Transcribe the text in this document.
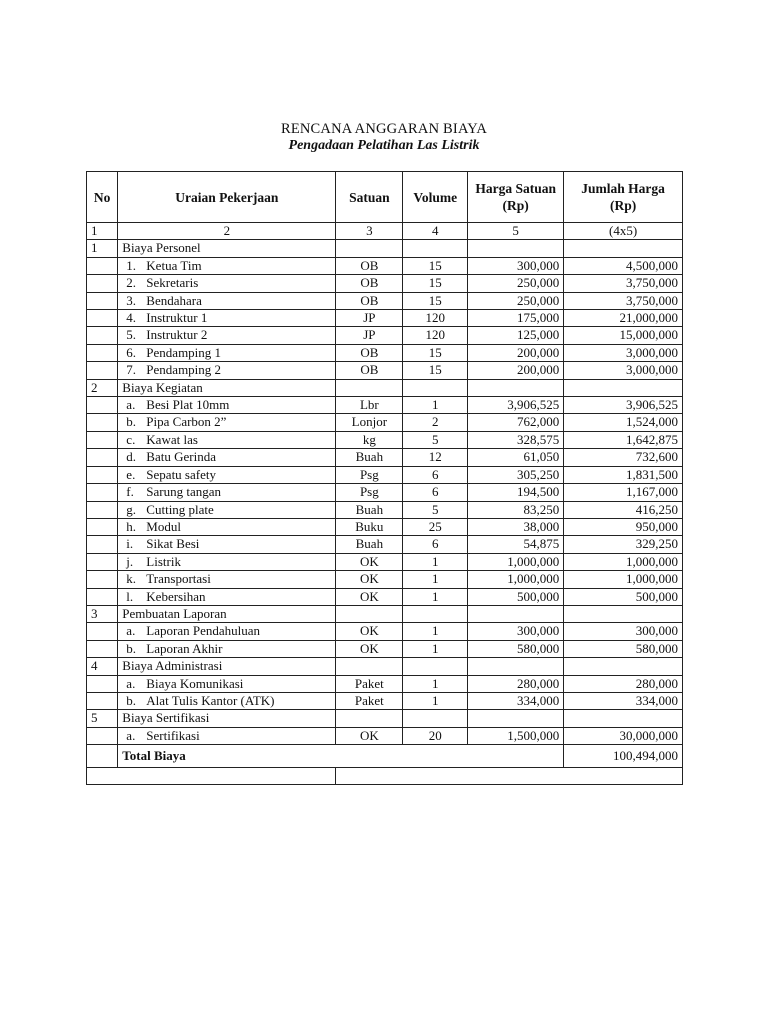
RENCANA ANGGARAN BIAYA
Pengadaan Pelatihan Las Listrik
No	Uraian Pekerjaan	Satuan	Volume	Harga Satuan (Rp)	Jumlah Harga (Rp)
1	2	3	4	5	(4x5)
1	Biaya Personel				
	1. Ketua Tim	OB	15	300,000	4,500,000
	2. Sekretaris	OB	15	250,000	3,750,000
	3. Bendahara	OB	15	250,000	3,750,000
	4. Instruktur 1	JP	120	175,000	21,000,000
	5. Instruktur 2	JP	120	125,000	15,000,000
	6. Pendamping 1	OB	15	200,000	3,000,000
	7. Pendamping 2	OB	15	200,000	3,000,000
2	Biaya Kegiatan				
	a. Besi Plat 10mm	Lbr	1	3,906,525	3,906,525
	b. Pipa Carbon 2”	Lonjor	2	762,000	1,524,000
	c. Kawat las	kg	5	328,575	1,642,875
	d. Batu Gerinda	Buah	12	61,050	732,600
	e. Sepatu safety	Psg	6	305,250	1,831,500
	f. Sarung tangan	Psg	6	194,500	1,167,000
	g. Cutting plate	Buah	5	83,250	416,250
	h. Modul	Buku	25	38,000	950,000
	i. Sikat Besi	Buah	6	54,875	329,250
	j. Listrik	OK	1	1,000,000	1,000,000
	k. Transportasi	OK	1	1,000,000	1,000,000
	l. Kebersihan	OK	1	500,000	500,000
3	Pembuatan Laporan				
	a. Laporan Pendahuluan	OK	1	300,000	300,000
	b. Laporan Akhir	OK	1	580,000	580,000
4	Biaya Administrasi				
	a. Biaya Komunikasi	Paket	1	280,000	280,000
	b. Alat Tulis Kantor (ATK)	Paket	1	334,000	334,000
5	Biaya Sertifikasi				
	a. Sertifikasi	OK	20	1,500,000	30,000,000
	Total Biaya				100,494,000
